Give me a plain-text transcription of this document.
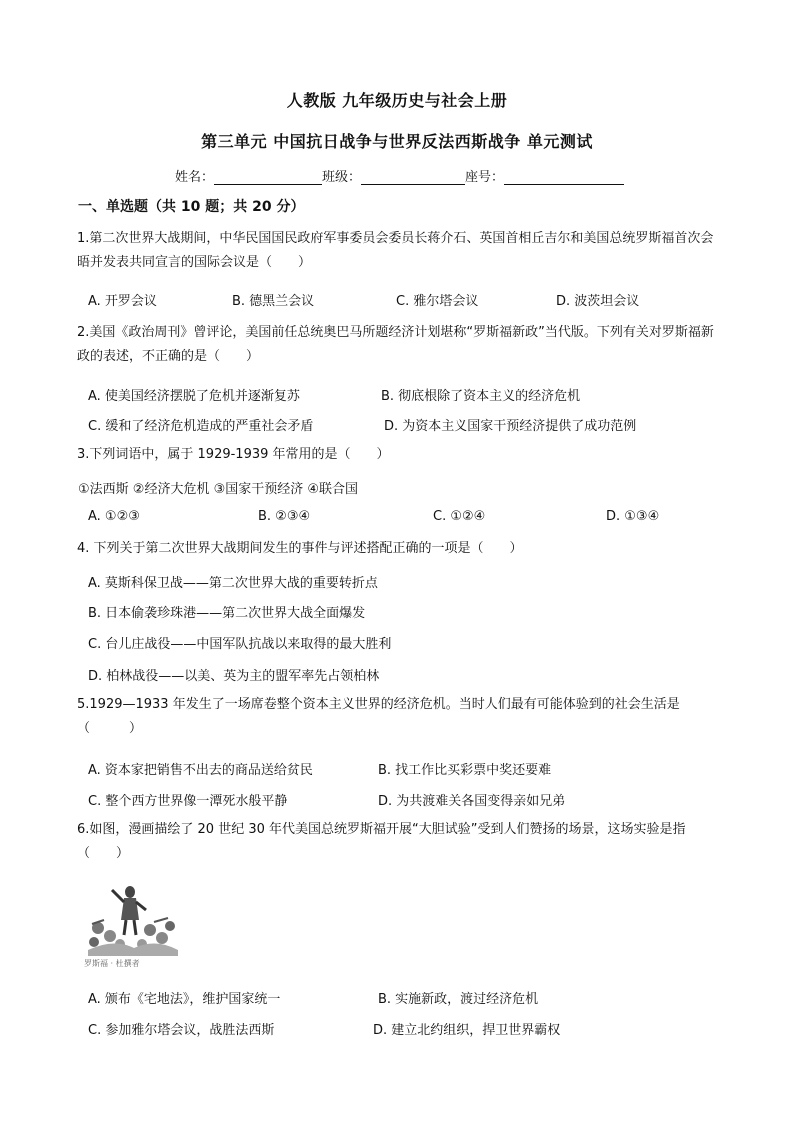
人教版 九年级历史与社会上册
第三单元 中国抗日战争与世界反法西斯战争 单元测试
姓名：	班级：	座号：
一、单选题（共 10 题；共 20 分）
1.第二次世界大战期间，中华民国国民政府军事委员会委员长蒋介石、英国首相丘吉尔和美国总统罗斯福首次会晤并发表共同宣言的国际会议是（　　）
A. 开罗会议	B. 德黑兰会议	C. 雅尔塔会议	D. 波茨坦会议
2.美国《政治周刊》曾评论，美国前任总统奥巴马所题经济计划堪称“罗斯福新政”当代版。下列有关对罗斯福新政的表述，不正确的是（　　）
A. 使美国经济摆脱了危机并逐渐复苏	B. 彻底根除了资本主义的经济危机
C. 缓和了经济危机造成的严重社会矛盾	D. 为资本主义国家干预经济提供了成功范例
3.下列词语中，属于 1929-1939 年常用的是（　　）
①法西斯 ②经济大危机 ③国家干预经济 ④联合国
A. ①②③	B. ②③④	C. ①②④	D. ①③④
4. 下列关于第二次世界大战期间发生的事件与评述搭配正确的一项是（　　）
A. 莫斯科保卫战——第二次世界大战的重要转折点
B. 日本偷袭珍珠港——第二次世界大战全面爆发
C. 台儿庄战役——中国军队抗战以来取得的最大胜利
D. 柏林战役——以美、英为主的盟军率先占领柏林
5.1929—1933 年发生了一场席卷整个资本主义世界的经济危机。当时人们最有可能体验到的社会生活是（　　　）
A. 资本家把销售不出去的商品送给贫民	B. 找工作比买彩票中奖还要难
C. 整个西方世界像一潭死水般平静	D. 为共渡难关各国变得亲如兄弟
6.如图，漫画描绘了 20 世纪 30 年代美国总统罗斯福开展“大胆试验”受到人们赞扬的场景，这场实验是指（　　）
罗斯福 · 杜撰者
A. 颁布《宅地法》，维护国家统一	B. 实施新政，渡过经济危机
C. 参加雅尔塔会议，战胜法西斯	D. 建立北约组织，捍卫世界霸权
